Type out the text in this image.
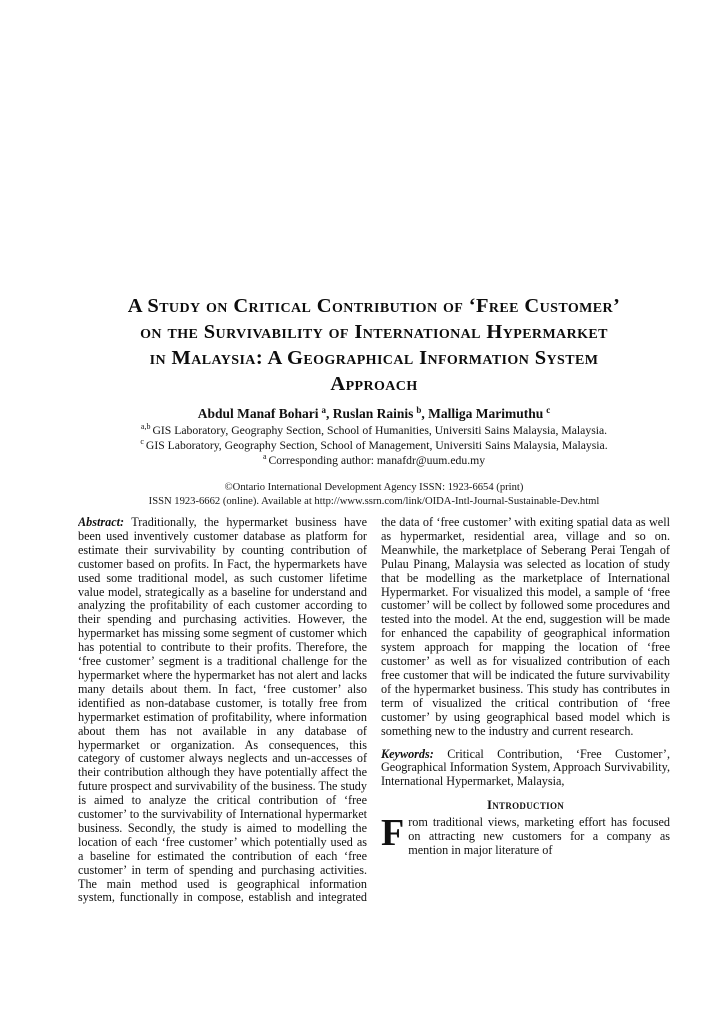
A Study on Critical Contribution of ‘Free Customer’
on the Survivability of International Hypermarket
in Malaysia: A Geographical Information System
Approach
Abdul Manaf Bohari $^a$, Ruslan Rainis $^b$, Malliga Marimuthu $^c$
$^{a,b}$ GIS Laboratory, Geography Section, School of Humanities, Universiti Sains Malaysia, Malaysia.
$^c$ GIS Laboratory, Geography Section, School of Management, Universiti Sains Malaysia, Malaysia.
$^a$ Corresponding author: manafdr@uum.edu.my
©Ontario International Development Agency ISSN: 1923-6654 (print)
ISSN 1923-6662 (online). Available at http://www.ssrn.com/link/OIDA-Intl-Journal-Sustainable-Dev.html

Abstract: Traditionally, the hypermarket business have been used inventively customer database as platform for estimate their survivability by counting contribution of customer based on profits. In Fact, the hypermarkets have used some traditional model, as such customer lifetime value model, strategically as a baseline for understand and analyzing the profitability of each customer according to their spending and purchasing activities. However, the hypermarket has missing some segment of customer which has potential to contribute to their profits. Therefore, the ‘free customer’ segment is a traditional challenge for the hypermarket where the hypermarket has not alert and lacks many details about them. In fact, ‘free customer’ also identified as non-database customer, is totally free from hypermarket estimation of profitability, where information about them has not available in any database of hypermarket or organization. As consequences, this category of customer always neglects and un-accesses of their contribution although they have potentially affect the future prospect and survivability of the business. The study is aimed to analyze the critical contribution of ‘free customer’ to the survivability of International hypermarket business. Secondly, the study is aimed to modelling the location of each ‘free customer’ which potentially used as a baseline for estimated the contribution of each ‘free customer’ in term of spending and purchasing activities. The main method used is geographical information system, functionally in compose, establish and integrated the data of ‘free customer’ with exiting spatial data as well as hypermarket, residential area, village and so on. Meanwhile, the marketplace of Seberang Perai Tengah of Pulau Pinang, Malaysia was selected as location of study that be modelling as the marketplace of International Hypermarket. For visualized this model, a sample of ‘free customer’ will be collect by followed some procedures and tested into the model. At the end, suggestion will be made for enhanced the capability of geographical information system approach for mapping the location of ‘free customer’ as well as for visualized contribution of each free customer that will be indicated the future survivability of the hypermarket business. This study has contributes in term of visualized the critical contribution of ‘free customer’ by using geographical based model which is something new to the industry and current research.

Keywords: Critical Contribution, ‘Free Customer’, Geographical Information System, Approach Survivability, International Hypermarket, Malaysia,

Introduction

From traditional views, marketing effort has focused on attracting new customers for a company as mention in major literature of
